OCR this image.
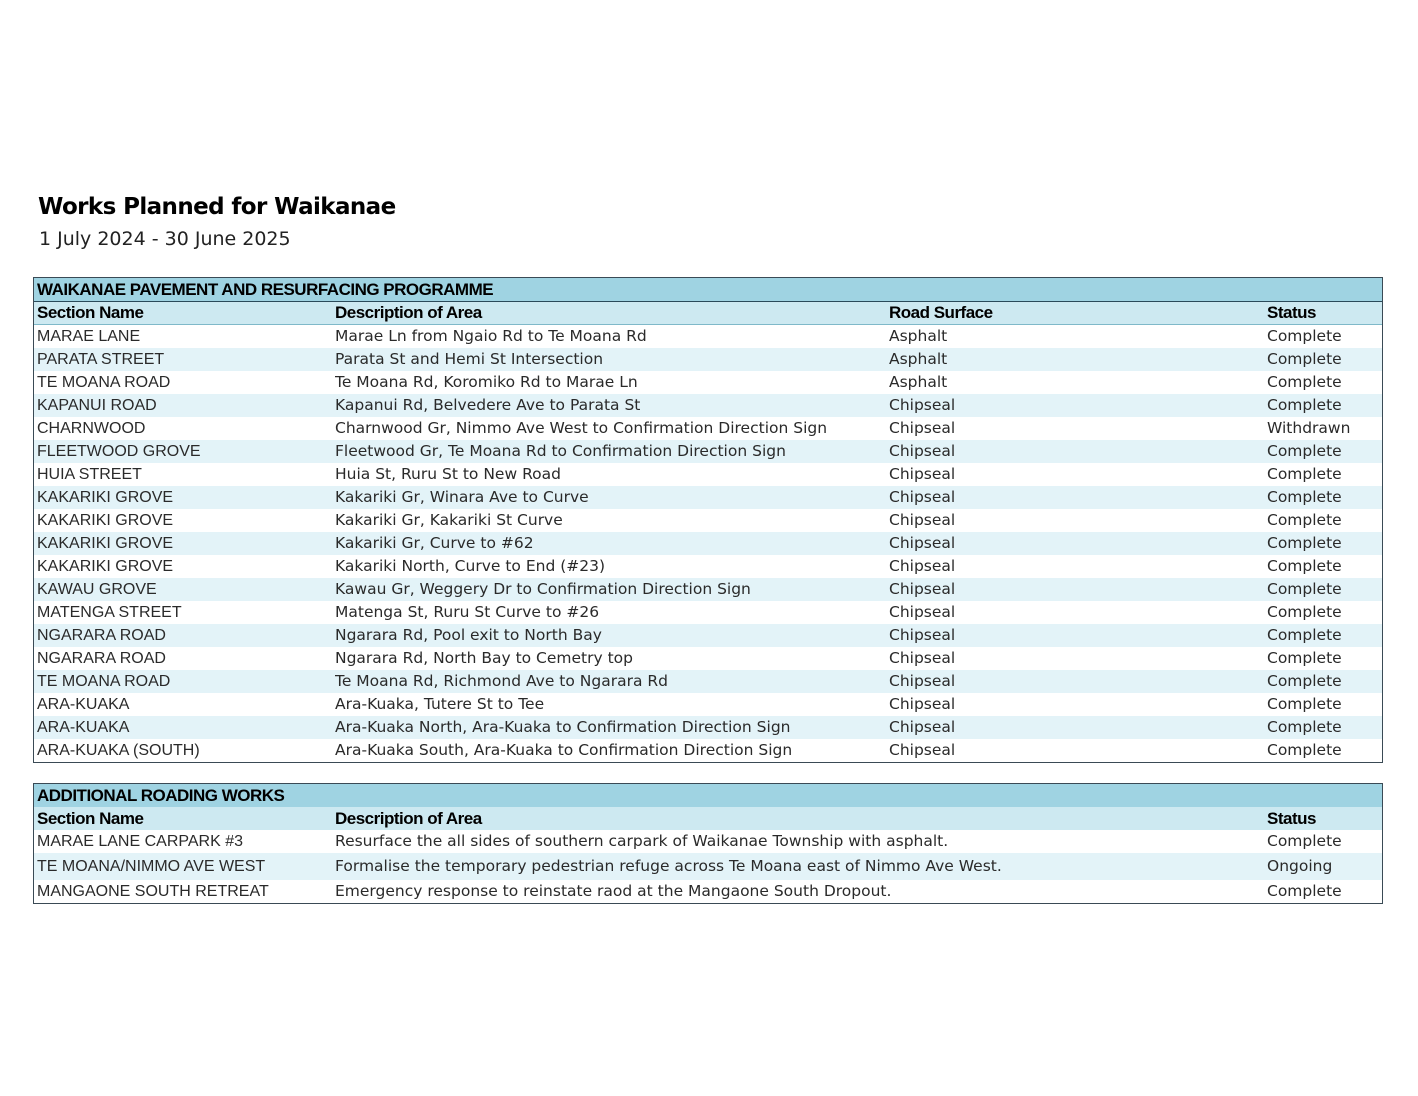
Works Planned for Waikanae
1 July 2024 - 30 June 2025
WAIKANAE PAVEMENT AND RESURFACING PROGRAMME
Section Name	Description of Area	Road Surface	Status
MARAE LANE	Marae Ln from Ngaio Rd to Te Moana Rd	Asphalt	Complete
PARATA STREET	Parata St and Hemi St Intersection	Asphalt	Complete
TE MOANA ROAD	Te Moana Rd, Koromiko Rd to Marae Ln	Asphalt	Complete
KAPANUI ROAD	Kapanui Rd, Belvedere Ave to Parata St	Chipseal	Complete
CHARNWOOD	Charnwood Gr, Nimmo Ave West to Confirmation Direction Sign	Chipseal	Withdrawn
FLEETWOOD GROVE	Fleetwood Gr, Te Moana Rd to Confirmation Direction Sign	Chipseal	Complete
HUIA STREET	Huia St, Ruru St to New Road	Chipseal	Complete
KAKARIKI GROVE	Kakariki Gr, Winara Ave to Curve	Chipseal	Complete
KAKARIKI GROVE	Kakariki Gr, Kakariki St Curve	Chipseal	Complete
KAKARIKI GROVE	Kakariki Gr, Curve to #62	Chipseal	Complete
KAKARIKI GROVE	Kakariki North, Curve to End (#23)	Chipseal	Complete
KAWAU GROVE	Kawau Gr, Weggery Dr to Confirmation Direction Sign	Chipseal	Complete
MATENGA STREET	Matenga St, Ruru St Curve to #26	Chipseal	Complete
NGARARA ROAD	Ngarara Rd, Pool exit to North Bay	Chipseal	Complete
NGARARA ROAD	Ngarara Rd, North Bay to Cemetry top	Chipseal	Complete
TE MOANA ROAD	Te Moana Rd, Richmond Ave to Ngarara Rd	Chipseal	Complete
ARA-KUAKA	Ara-Kuaka, Tutere St to Tee	Chipseal	Complete
ARA-KUAKA	Ara-Kuaka North, Ara-Kuaka to Confirmation Direction Sign	Chipseal	Complete
ARA-KUAKA (SOUTH)	Ara-Kuaka South, Ara-Kuaka to Confirmation Direction Sign	Chipseal	Complete
ADDITIONAL ROADING WORKS
Section Name	Description of Area	Status
MARAE LANE CARPARK #3	Resurface the all sides of southern carpark of Waikanae Township with asphalt.	Complete
TE MOANA/NIMMO AVE WEST	Formalise the temporary pedestrian refuge across Te Moana east of Nimmo Ave West.	Ongoing
MANGAONE SOUTH RETREAT	Emergency response to reinstate raod at the Mangaone South Dropout.	Complete
